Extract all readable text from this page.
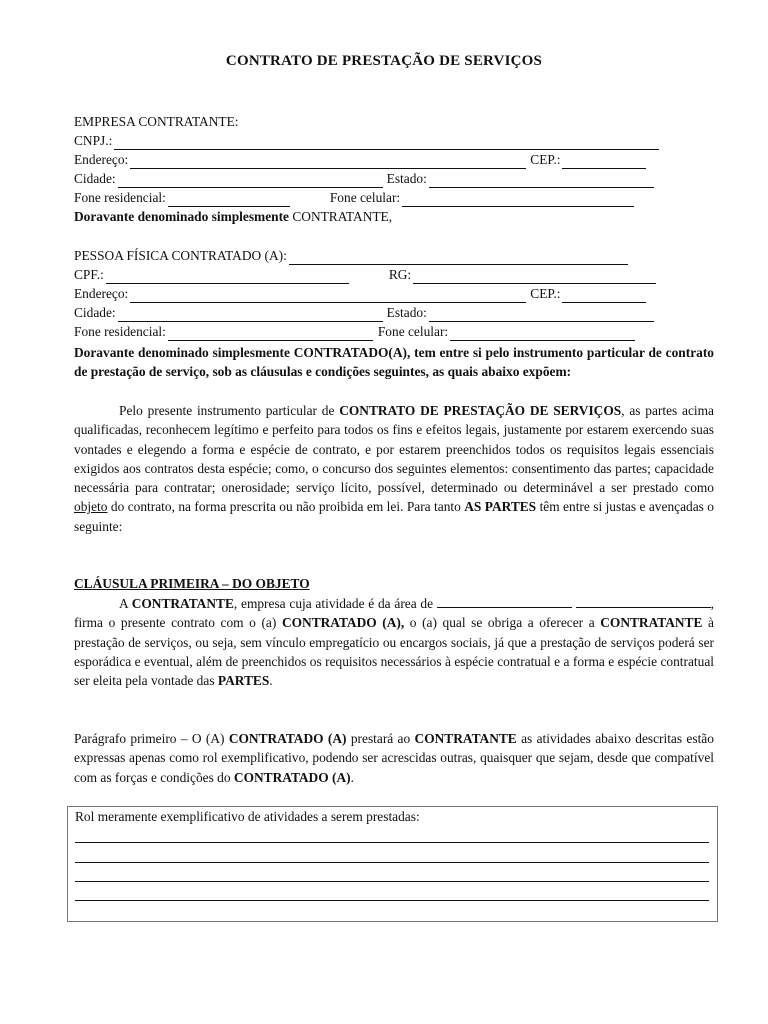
CONTRATO DE PRESTAÇÃO DE SERVIÇOS
EMPRESA CONTRATANTE:
CNPJ.:
Endereço:	CEP.:
Cidade:	Estado:
Fone residencial:	Fone celular:
Doravante denominado simplesmente CONTRATANTE,
PESSOA FÍSICA CONTRATADO (A):
CPF.:	RG:
Endereço:	CEP.:
Cidade:	Estado:
Fone residencial:	Fone celular:
Doravante denominado simplesmente CONTRATADO(A), tem entre si pelo instrumento particular de contrato de prestação de serviço, sob as cláusulas e condições seguintes, as quais abaixo expõem:
Pelo presente instrumento particular de CONTRATO DE PRESTAÇÃO DE SERVIÇOS, as partes acima qualificadas, reconhecem legítimo e perfeito para todos os fins e efeitos legais, justamente por estarem exercendo suas vontades e elegendo a forma e espécie de contrato, e por estarem preenchidos todos os requisitos legais essenciais exigidos aos contratos desta espécie; como, o concurso dos seguintes elementos: consentimento das partes; capacidade necessária para contratar; onerosidade; serviço lícito, possível, determinado ou determinável a ser prestado como objeto do contrato, na forma prescrita ou não proibida em lei. Para tanto AS PARTES têm entre si justas e avençadas o seguinte:
CLÁUSULA PRIMEIRA – DO OBJETO
A CONTRATANTE, empresa cuja atividade é da área de	, firma o presente contrato com o (a) CONTRATADO (A), o (a) qual se obriga a oferecer a CONTRATANTE à prestação de serviços, ou seja, sem vínculo empregatício ou encargos sociais, já que a prestação de serviços poderá ser esporádica e eventual, além de preenchidos os requisitos necessários à espécie contratual e a forma e espécie contratual ser eleita pela vontade das PARTES.
Parágrafo primeiro – O (A) CONTRATADO (A) prestará ao CONTRATANTE as atividades abaixo descritas estão expressas apenas como rol exemplificativo, podendo ser acrescidas outras, quaisquer que sejam, desde que compatível com as forças e condições do CONTRATADO (A).
Rol meramente exemplificativo de atividades a serem prestadas:
